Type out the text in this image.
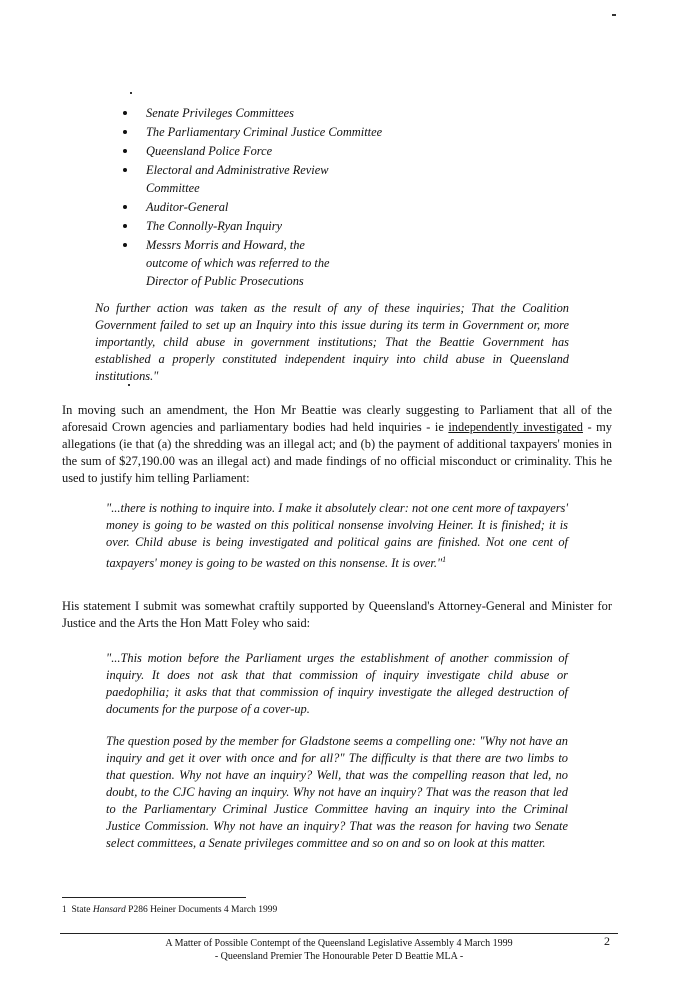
Senate Privileges Committees
The Parliamentary Criminal Justice Committee
Queensland Police Force
Electoral and Administrative Review
Committee
Auditor-General
The Connolly-Ryan Inquiry
Messrs Morris and Howard, the
outcome of which was referred to the
Director of Public Prosecutions

No further action was taken as the result of any of these inquiries; That the Coalition Government failed to set up an Inquiry into this issue during its term in Government or, more importantly, child abuse in government institutions; That the Beattie Government has established a properly constituted independent inquiry into child abuse in Queensland institutions."

In moving such an amendment, the Hon Mr Beattie was clearly suggesting to Parliament that all of the aforesaid Crown agencies and parliamentary bodies had held inquiries - ie independently investigated - my allegations (ie that (a) the shredding was an illegal act; and (b) the payment of additional taxpayers' monies in the sum of $27,190.00 was an illegal act) and made findings of no official misconduct or criminality. This he used to justify him telling Parliament:

"...there is nothing to inquire into. I make it absolutely clear: not one cent more of taxpayers' money is going to be wasted on this political nonsense involving Heiner. It is finished; it is over. Child abuse is being investigated and political gains are finished. Not one cent of taxpayers' money is going to be wasted on this nonsense. It is over."$^1$

His statement I submit was somewhat craftily supported by Queensland's Attorney-General and Minister for Justice and the Arts the Hon Matt Foley who said:

"...This motion before the Parliament urges the establishment of another commission of inquiry. It does not ask that that commission of inquiry investigate child abuse or paedophilia; it asks that that commission of inquiry investigate the alleged destruction of documents for the purpose of a cover-up.

The question posed by the member for Gladstone seems a compelling one: "Why not have an inquiry and get it over with once and for all?" The difficulty is that there are two limbs to that question. Why not have an inquiry? Well, that was the compelling reason that led, no doubt, to the CJC having an inquiry. Why not have an inquiry? That was the reason that led to the Parliamentary Criminal Justice Committee having an inquiry into the Criminal Justice Commission. Why not have an inquiry? That was the reason for having two Senate select committees, a Senate privileges committee and so on and so on look at this matter.

1 State Hansard P286 Heiner Documents 4 March 1999
A Matter of Possible Contempt of the Queensland Legislative Assembly 4 March 1999
- Queensland Premier The Honourable Peter D Beattie MLA -
2
